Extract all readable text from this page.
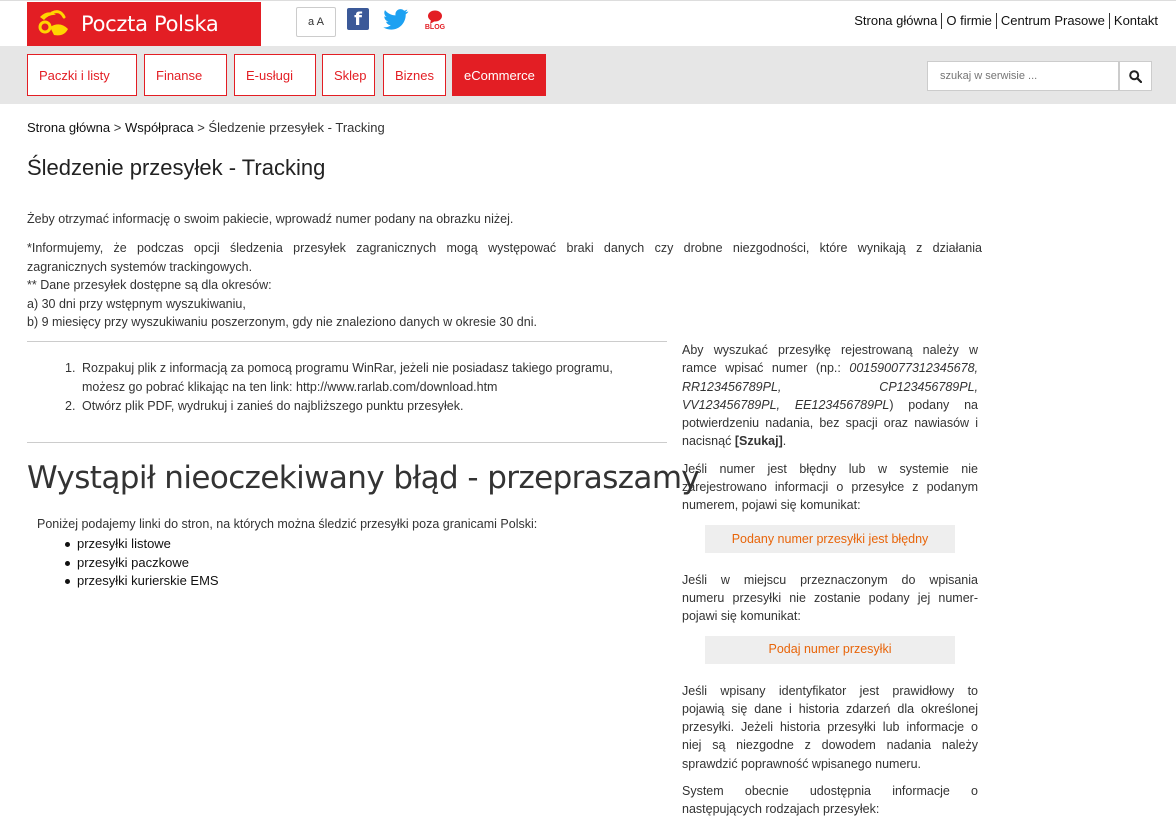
Poczta Polska	a A	f	BLOG	Strona główna O firmie Centrum Prasowe Kontakt
Paczki i listy	Finanse	E-usługi	Sklep	Biznes	eCommerce
szukaj w serwisie ...
Strona główna > Współpraca > Śledzenie przesyłek - Tracking
Śledzenie przesyłek - Tracking

Żeby otrzymać informację o swoim pakiecie, wprowadź numer podany na obrazku niżej.

*Informujemy, że podczas opcji śledzenia przesyłek zagranicznych mogą występować braki danych czy drobne niezgodności, które wynikają z działania
zagranicznych systemów trackingowych.
** Dane przesyłek dostępne są dla okresów:
a) 30 dni przy wstępnym wyszukiwaniu,
b) 9 miesięcy przy wyszukiwaniu poszerzonym, gdy nie znaleziono danych w okresie 30 dni.

1. Rozpakuj plik z informacją za pomocą programu WinRar, jeżeli nie posiadasz takiego programu,
możesz go pobrać klikając na ten link: http://www.rarlab.com/download.htm
2. Otwórz plik PDF, wydrukuj i zanieś do najbliższego punktu przesyłek.
Wystąpił nieoczekiwany błąd - przepraszamy
Poniżej podajemy linki do stron, na których można śledzić przesyłki poza granicami Polski:
przesyłki listowe
przesyłki paczkowe
przesyłki kurierskie EMS

Aby wyszukać przesyłkę rejestrowaną należy w
ramce wpisać numer (np.: 001590077312345678,
RR123456789PL,	CP123456789PL,
VV123456789PL, EE123456789PL) podany na
potwierdzeniu nadania, bez spacji oraz nawiasów i
nacisnąć [Szukaj].

Jeśli numer jest błędny lub w systemie nie
zarejestrowano informacji o przesyłce z podanym
numerem, pojawi się komunikat:

Podany numer przesyłki jest błędny

Jeśli w miejscu przeznaczonym do wpisania
numeru przesyłki nie zostanie podany jej numer-
pojawi się komunikat:

Podaj numer przesyłki

Jeśli wpisany identyfikator jest prawidłowy to
pojawią się dane i historia zdarzeń dla określonej
przesyłki. Jeżeli historia przesyłki lub informacje o
niej są niezgodne z dowodem nadania należy
sprawdzić poprawność wpisanego numeru.

System obecnie udostępnia informacje o
następujących rodzajach przesyłek:
